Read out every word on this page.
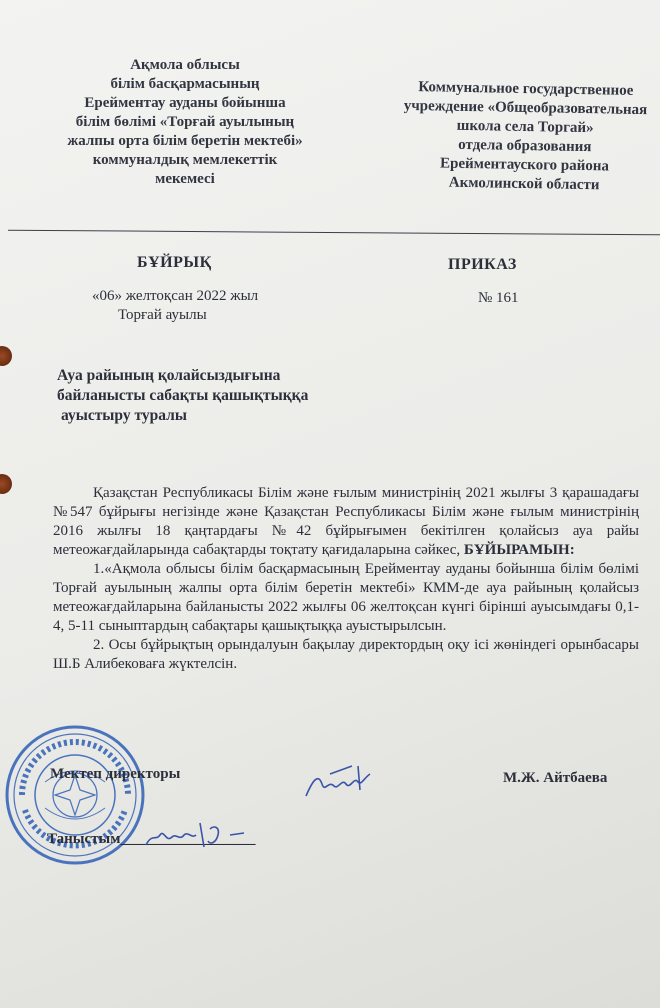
Ақмола облысы
білім басқармасының
Ерейментау ауданы бойынша
білім бөлімі «Торғай ауылының
жалпы орта білім беретін мектебі»
коммуналдық мемлекеттік
мекемесі
Коммунальное государственное
учреждение «Общеобразовательная
школа села Торгай»
отдела образования
Ерейментауского района
Акмолинской области
БҰЙРЫҚ	ПРИКАЗ
«06» желтоқсан 2022 жыл
Торғай ауылы
№ 161
Ауа райының қолайсыздығына
байланысты сабақты қашықтыққа
ауыстыру туралы

Қазақстан Республикасы Білім және ғылым министрінің 2021 жылғы 3 қарашадағы №547 бұйрығы негізінде және Қазақстан Республикасы Білім және ғылым министрінің 2016 жылғы 18 қаңтардағы №42 бұйрығымен бекітілген қолайсыз ауа райы метеожағдайларында сабақтарды тоқтату қағидаларына сәйкес, БҰЙЫРАМЫН:

1.«Ақмола облысы білім басқармасының Ерейментау ауданы бойынша білім бөлімі Торғай ауылының жалпы орта білім беретін мектебі» КММ-де ауа райының қолайсыз метеожағдайларына байланысты 2022 жылғы 06 желтоқсан күнгі бірінші ауысымдағы 0,1-4, 5-11 сыныптардың сабақтары қашықтыққа ауыстырылсын.

2. Осы бұйрықтың орындалуын бақылау директордың оқу ісі жөніндегі орынбасары Ш.Б Алибековаға жүктелсін.

Мектеп директоры	М.Ж. Айтбаева
Таныстым__________________
